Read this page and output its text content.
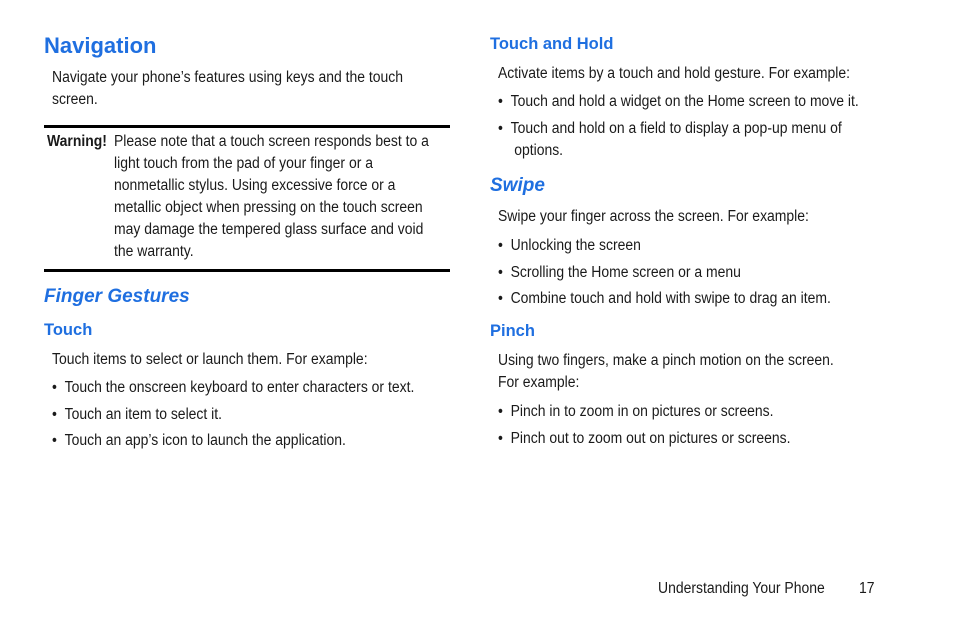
Navigation
Navigate your phone’s features using keys and the touch
screen.
Warning! Please note that a touch screen responds best to a
light touch from the pad of your finger or a
nonmetallic stylus. Using excessive force or a
metallic object when pressing on the touch screen
may damage the tempered glass surface and void
the warranty.
Finger Gestures
Touch
Touch items to select or launch them. For example:
• Touch the onscreen keyboard to enter characters or text.
• Touch an item to select it.
• Touch an app’s icon to launch the application.
Touch and Hold
Activate items by a touch and hold gesture. For example:
• Touch and hold a widget on the Home screen to move it.
• Touch and hold on a field to display a pop-up menu of
options.
Swipe
Swipe your finger across the screen. For example:
• Unlocking the screen
• Scrolling the Home screen or a menu
• Combine touch and hold with swipe to drag an item.
Pinch
Using two fingers, make a pinch motion on the screen.
For example:
• Pinch in to zoom in on pictures or screens.
• Pinch out to zoom out on pictures or screens.
Understanding Your Phone 17
